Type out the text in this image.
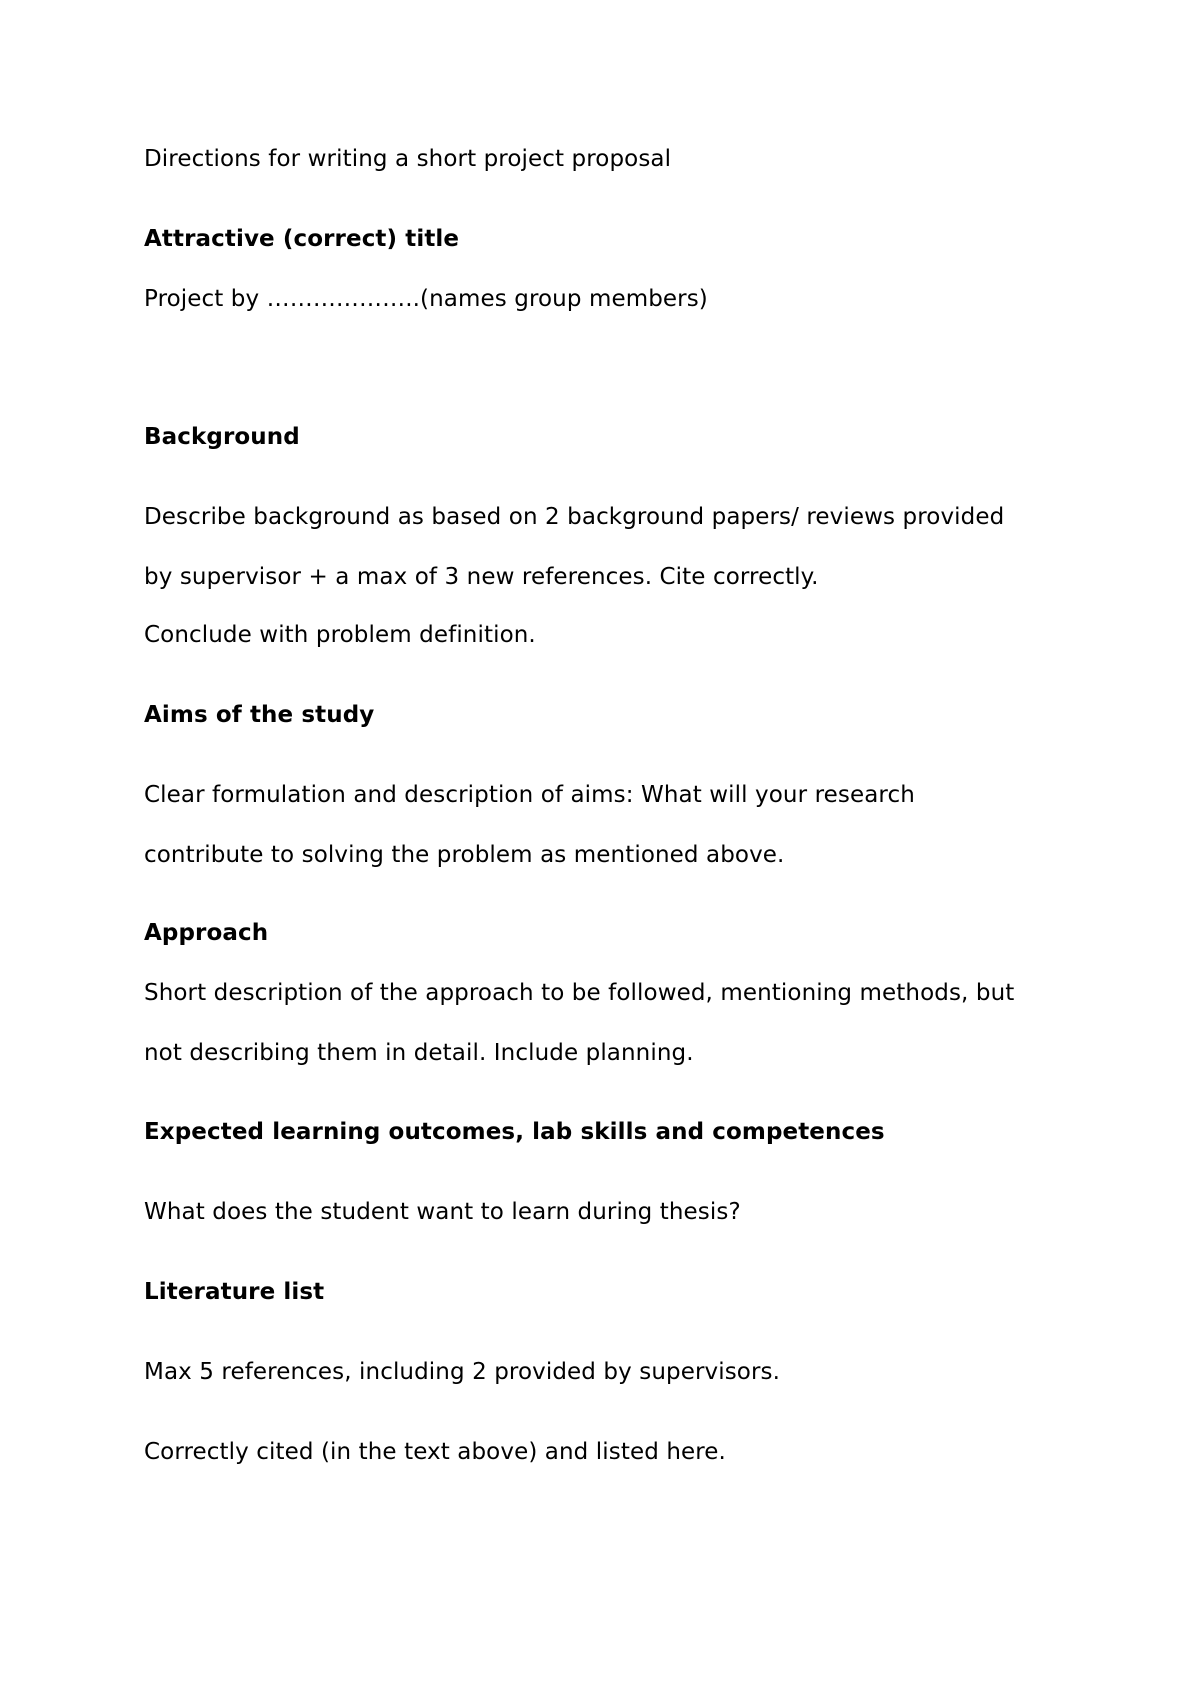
Directions for writing a short project proposal
Attractive (correct) title
Project by ………………..(names group members)
Background
Describe background as based on 2 background papers/ reviews provided
by supervisor + a max of 3 new references. Cite correctly.
Conclude with problem definition.
Aims of the study
Clear formulation and description of aims: What will your research
contribute to solving the problem as mentioned above.
Approach
Short description of the approach to be followed, mentioning methods, but
not describing them in detail. Include planning.
Expected learning outcomes, lab skills and competences
What does the student want to learn during thesis?
Literature list
Max 5 references, including 2 provided by supervisors.
Correctly cited (in the text above) and listed here.
